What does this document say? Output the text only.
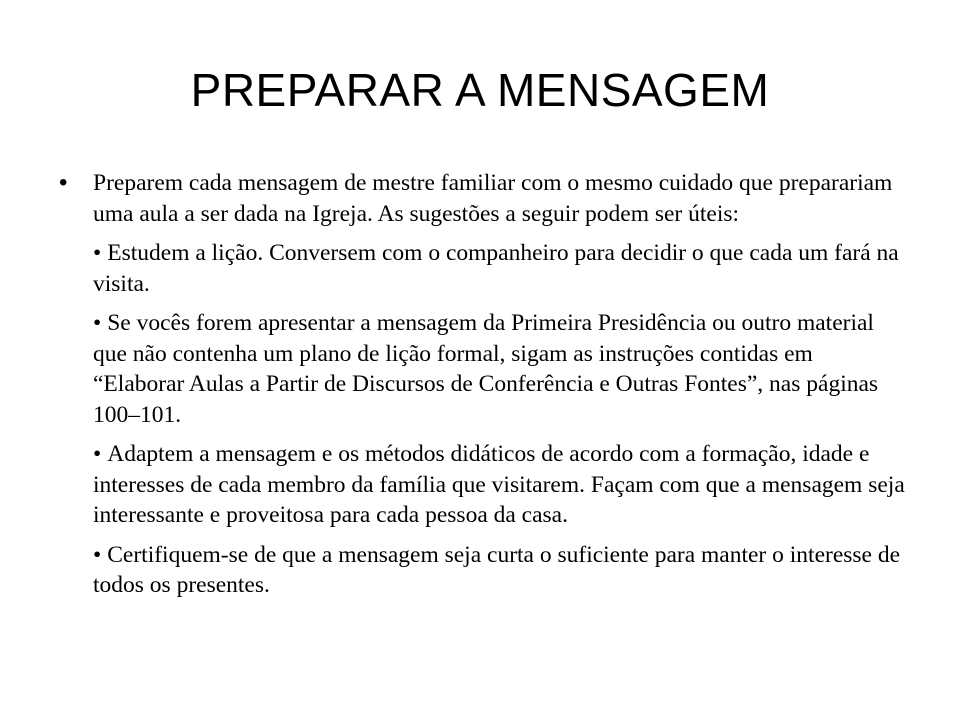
PREPARAR A MENSAGEM
• Preparem cada mensagem de mestre familiar com o mesmo cuidado que preparariam uma aula a ser dada na Igreja. As sugestões a seguir podem ser úteis:

• Estudem a lição. Conversem com o companheiro para decidir o que cada um fará na visita.
• Se vocês forem apresentar a mensagem da Primeira Presidência ou outro material que não contenha um plano de lição formal, sigam as instruções contidas em “Elaborar Aulas a Partir de Discursos de Conferência e Outras Fontes”, nas páginas 100–101.
• Adaptem a mensagem e os métodos didáticos de acordo com a formação, idade e interesses de cada membro da família que visitarem. Façam com que a mensagem seja interessante e proveitosa para cada pessoa da casa.
• Certifiquem-se de que a mensagem seja curta o suficiente para manter o interesse de todos os presentes.
